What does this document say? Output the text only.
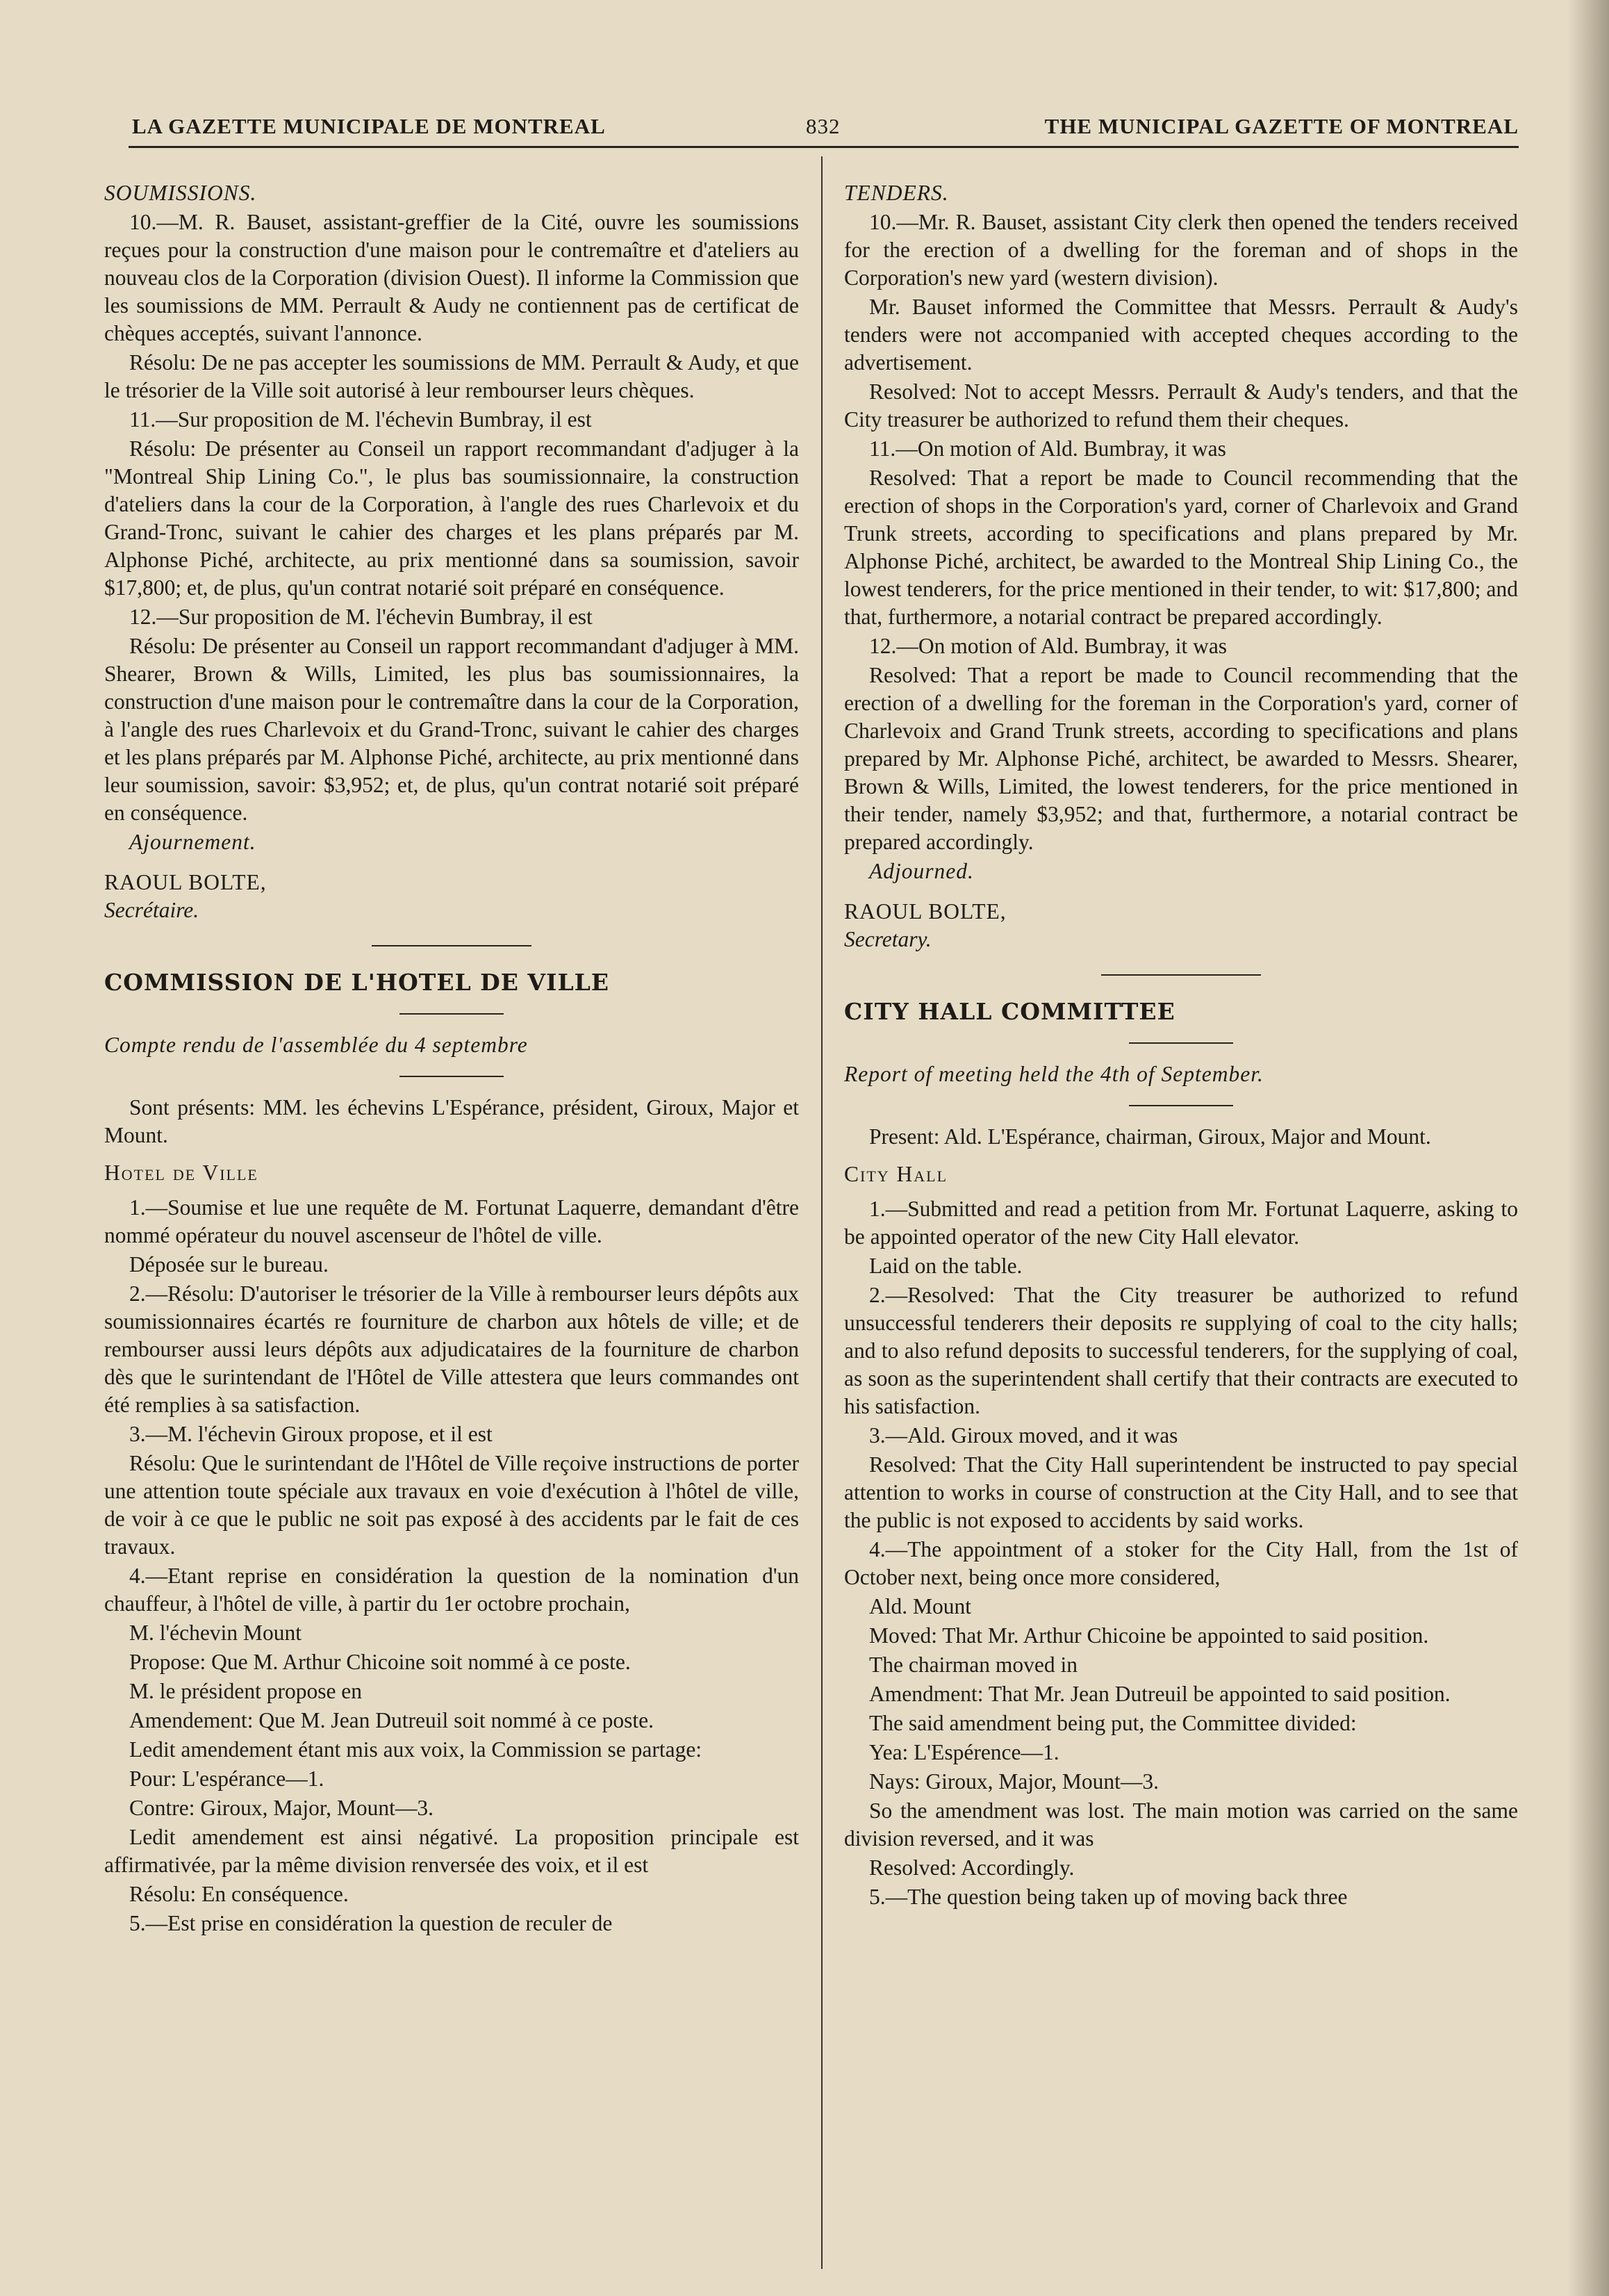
LA GAZETTE MUNICIPALE DE MONTREAL	832	THE MUNICIPAL GAZETTE OF MONTREAL

SOUMISSIONS.

10.—M. R. Bauset, assistant-greffier de la Cité, ouvre les soumissions reçues pour la construction d'une maison pour le contremaître et d'ateliers au nouveau clos de la Corporation (division Ouest). Il informe la Commission que les soumissions de MM. Perrault & Audy ne contiennent pas de certificat de chèques acceptés, suivant l'annonce.

Résolu: De ne pas accepter les soumissions de MM. Perrault & Audy, et que le trésorier de la Ville soit autorisé à leur rembourser leurs chèques.

11.—Sur proposition de M. l'échevin Bumbray, il est

Résolu: De présenter au Conseil un rapport recommandant d'adjuger à la "Montreal Ship Lining Co.", le plus bas soumissionnaire, la construction d'ateliers dans la cour de la Corporation, à l'angle des rues Charlevoix et du Grand-Tronc, suivant le cahier des charges et les plans préparés par M. Alphonse Piché, architecte, au prix mentionné dans sa soumission, savoir $17,800; et, de plus, qu'un contrat notarié soit préparé en conséquence.

12.—Sur proposition de M. l'échevin Bumbray, il est

Résolu: De présenter au Conseil un rapport recommandant d'adjuger à MM. Shearer, Brown & Wills, Limited, les plus bas soumissionnaires, la construction d'une maison pour le contremaître dans la cour de la Corporation, à l'angle des rues Charlevoix et du Grand-Tronc, suivant le cahier des charges et les plans préparés par M. Alphonse Piché, architecte, au prix mentionné dans leur soumission, savoir: $3,952; et, de plus, qu'un contrat notarié soit préparé en conséquence.

Ajournement.

RAOUL BOLTE,

Secrétaire.

COMMISSION DE L'HOTEL DE VILLE

Compte rendu de l'assemblée du 4 septembre

Sont présents: MM. les échevins L'Espérance, président, Giroux, Major et Mount.

Hotel de Ville

1.—Soumise et lue une requête de M. Fortunat Laquerre, demandant d'être nommé opérateur du nouvel ascenseur de l'hôtel de ville.

Déposée sur le bureau.

2.—Résolu: D'autoriser le trésorier de la Ville à rembourser leurs dépôts aux soumissionnaires écartés re fourniture de charbon aux hôtels de ville; et de rembourser aussi leurs dépôts aux adjudicataires de la fourniture de charbon dès que le surintendant de l'Hôtel de Ville attestera que leurs commandes ont été remplies à sa satisfaction.

3.—M. l'échevin Giroux propose, et il est

Résolu: Que le surintendant de l'Hôtel de Ville reçoive instructions de porter une attention toute spéciale aux travaux en voie d'exécution à l'hôtel de ville, de voir à ce que le public ne soit pas exposé à des accidents par le fait de ces travaux.

4.—Etant reprise en considération la question de la nomination d'un chauffeur, à l'hôtel de ville, à partir du 1er octobre prochain,

M. l'échevin Mount

Propose: Que M. Arthur Chicoine soit nommé à ce poste.

M. le président propose en

Amendement: Que M. Jean Dutreuil soit nommé à ce poste.

Ledit amendement étant mis aux voix, la Commission se partage:

Pour: L'espérance—1.

Contre: Giroux, Major, Mount—3.

Ledit amendement est ainsi négativé. La proposition principale est affirmativée, par la même division renversée des voix, et il est

Résolu: En conséquence.

5.—Est prise en considération la question de reculer de

TENDERS.

10.—Mr. R. Bauset, assistant City clerk then opened the tenders received for the erection of a dwelling for the foreman and of shops in the Corporation's new yard (western division).

Mr. Bauset informed the Committee that Messrs. Perrault & Audy's tenders were not accompanied with accepted cheques according to the advertisement.

Resolved: Not to accept Messrs. Perrault & Audy's tenders, and that the City treasurer be authorized to refund them their cheques.

11.—On motion of Ald. Bumbray, it was

Resolved: That a report be made to Council recommending that the erection of shops in the Corporation's yard, corner of Charlevoix and Grand Trunk streets, according to specifications and plans prepared by Mr. Alphonse Piché, architect, be awarded to the Montreal Ship Lining Co., the lowest tenderers, for the price mentioned in their tender, to wit: $17,800; and that, furthermore, a notarial contract be prepared accordingly.

12.—On motion of Ald. Bumbray, it was

Resolved: That a report be made to Council recommending that the erection of a dwelling for the foreman in the Corporation's yard, corner of Charlevoix and Grand Trunk streets, according to specifications and plans prepared by Mr. Alphonse Piché, architect, be awarded to Messrs. Shearer, Brown & Wills, Limited, the lowest tenderers, for the price mentioned in their tender, namely $3,952; and that, furthermore, a notarial contract be prepared accordingly.

Adjourned.

RAOUL BOLTE,

Secretary.

CITY HALL COMMITTEE

Report of meeting held the 4th of September.

Present: Ald. L'Espérance, chairman, Giroux, Major and Mount.

City Hall

1.—Submitted and read a petition from Mr. Fortunat Laquerre, asking to be appointed operator of the new City Hall elevator.

Laid on the table.

2.—Resolved: That the City treasurer be authorized to refund unsuccessful tenderers their deposits re supplying of coal to the city halls; and to also refund deposits to successful tenderers, for the supplying of coal, as soon as the superintendent shall certify that their contracts are executed to his satisfaction.

3.—Ald. Giroux moved, and it was

Resolved: That the City Hall superintendent be instructed to pay special attention to works in course of construction at the City Hall, and to see that the public is not exposed to accidents by said works.

4.—The appointment of a stoker for the City Hall, from the 1st of October next, being once more considered,

Ald. Mount

Moved: That Mr. Arthur Chicoine be appointed to said position.

The chairman moved in

Amendment: That Mr. Jean Dutreuil be appointed to said position.

The said amendment being put, the Committee divided:

Yea: L'Espérence—1.

Nays: Giroux, Major, Mount—3.

So the amendment was lost. The main motion was carried on the same division reversed, and it was

Resolved: Accordingly.

5.—The question being taken up of moving back three
